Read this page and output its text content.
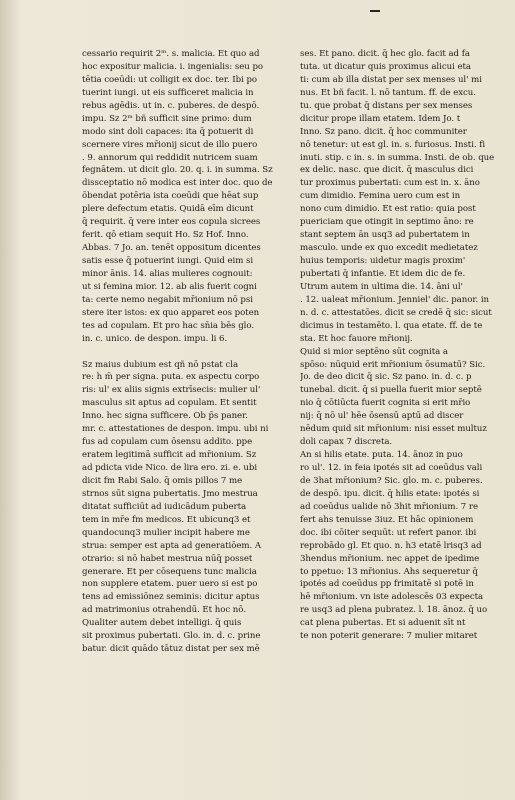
cessario requirit 2ᵐ. s. malicia. Et quo ad
hoc expositur malicia. i. ingenialis: seu po
tētia coeūdi: ut colligit ex doc. ter. Ibi po
tuerint iungi. ut eis sufficeret malicia in
rebus agēdis. ut in. c. puberes. de despō.
impu. Sz 2ᵐ bñ sufficit sine primo: dum
modo sint doli capaces: ita q̄ potuerit di
scernere vires mr̄ionij sicut de illo puero
. 9. annorum qui reddidit nutricem suam
fegnātem. ut dicit glo. 20. q. i. in summa. Sz
dissceptatio nō modica est inter doc. quo de
ōbendat potēria ista coeūdi que hēat sup
plere defectum etatis. Quidā eīm dicunt
q̄ requirit. q̄ vere inter eos copula sicrees
ferit. qō etiam sequit̄ Ho. Sz Hof. Inno.
Abbas. 7 Jo. an. tenēt oppositum dicentes
satis esse q̄ potuerint iungi. Quid eim si
minor ānis. 14. alias mulieres cognouit:
ut si femina mior. 12. ab alis fuerit cogni
ta: certe nemo negabit mr̄ionium nō psi
stere iter istos: ex quo apparet eos poten
tes ad copulam. Et pro hac sn̄ia bēs glo.
in. c. unico. de despon. impu. li 6.
Sz maius dubium est qñ nō pstat cla
re: h̄ m̄ per signa. puta. ex aspectu corpo
ris: ul' ex aliis signis extrīsecis: mulier ul'
masculus sit aptus ad copulam. Et sentit
Inno. hec signa sufficere. Ob p̄s paner.
mr. c. attestationes de despon. impu. ubi ni
fus ad copulam cum ōsensu addito. ppe
eratem legitimā sufficit ad mr̄ionium. Sz
ad pdicta vide Nico. de lira ero. zi. e. ubi
dicit fm Rabi Salo. q̄ omis pillos 7 me
strnos sūt signa pubertatis. Jmo mestrua
ditatat sufficiūt ad iudicādum puberta
tem in mr̄e fm medicos. Et ubicunq3 et
quandocunq3 mulier incipit habere me
strua: semper est apta ad generatiōem. A
otrario: si nō habet mestrua nūq̄ posset
generare. Et per cōsequens tunc malicia
non supplere etatem. puer uero si est po
tens ad emissiōnez seminis: dicitur aptus
ad matrimonius otrahendū. Et hoc nō.
Qualiter autem debet intelligi. q̄ quis
sit proximus pubertati. Glo. in. d. c. prine
batur. dicit quādo tātuz distat per sex mē
ses. Et pano. dicit. q̄ hec glo. facit ad fa
tuta. ut dicatur quis proximus alicui eta
ti: cum ab illa distat per sex menses ul' mi
nus. Et bñ facit. l. nō tantum. ff. de excu.
tu. que probat q̄ distans per sex menses
dicitur prope illam etatem. Idem Jo. t
Inno. Sz pano. dicit. q̄ hoc communiter
nō tenetur: ut est gl. in. s. furiosus. Insti. fi
inuti. stip. c in. s. in summa. Insti. de ob. que
ex delic. nasc. que dicit. q̄ masculus dici
tur proximus pubertati: cum est in. x. āno
cum dimidio. Femina uero cum est in
nono cum dimidio. Et est ratio: quia post
puericiam que otingit in septimo āno: re
stant septem ān usq3 ad pubertatem in
masculo. unde ex quo excedit medietatez
huius temporis: uidetur magis proxim'
pubertati q̄ infantie. Et idem dic de fe.
Utrum autem in ultima die. 14. āni ul'
. 12. ualeat mr̄ionium. Jenniel' dic. panor. in
n. d. c. attestatōes. dicit se credē q̄ sic: sicut
dicimus in testamēto. l. qua etate. ff. de te
sta. Et hoc fauore mr̄ionij.
Quid si mior septēno sūt cognita a
spōso: nūquid erit mr̄ionium ōsumatū? Sic.
Jo. de deo dicit q̄ sic. Sz pano. in. d. c. p
tunebal. dicit. q̄ si puella fuerit mior septē
nio q̄ cōtiūcta fuerit cognita si erit mr̄io
nij: q̄ nō ul' hēe ōsensū aptū ad discer
nēdum quid sit mr̄ionium: nisi esset multuz
doli capax 7 discreta.
An si hilis etate. puta. 14. ānoz in puo
ro ul'. 12. in feia ipotés sit ad coeūdus vali
de 3hat mr̄ionium? Sic. glo. m. c. puberes.
de despō. ipu. dicit. q̄ hilis etate: ipotés si
ad coeūdus ualide nō 3hit mr̄ionium. 7 re
fert ahs tenuisse 3iuz. Et hāc opinionem
doc. ibi cōiter sequūt: ut refert panor. ibi
reprobādo gl. Et quo. n. h3 etatē lrisq3 ad
3hendus mr̄ionium. nec appet de ipedime
to ppetuo: 13 mr̄ionius. Ahs sequeretur q̄
ipotés ad coeūdus pp frimitatē si potē in
hē mr̄ionium. vn iste adolescēs 03 expecta
re usq3 ad plena pubratez. l. 18. ānoz. q̄ uo
cat plena pubertas. Et si aduenit sīt nt
te non poterit generare: 7 mulier mitaret
